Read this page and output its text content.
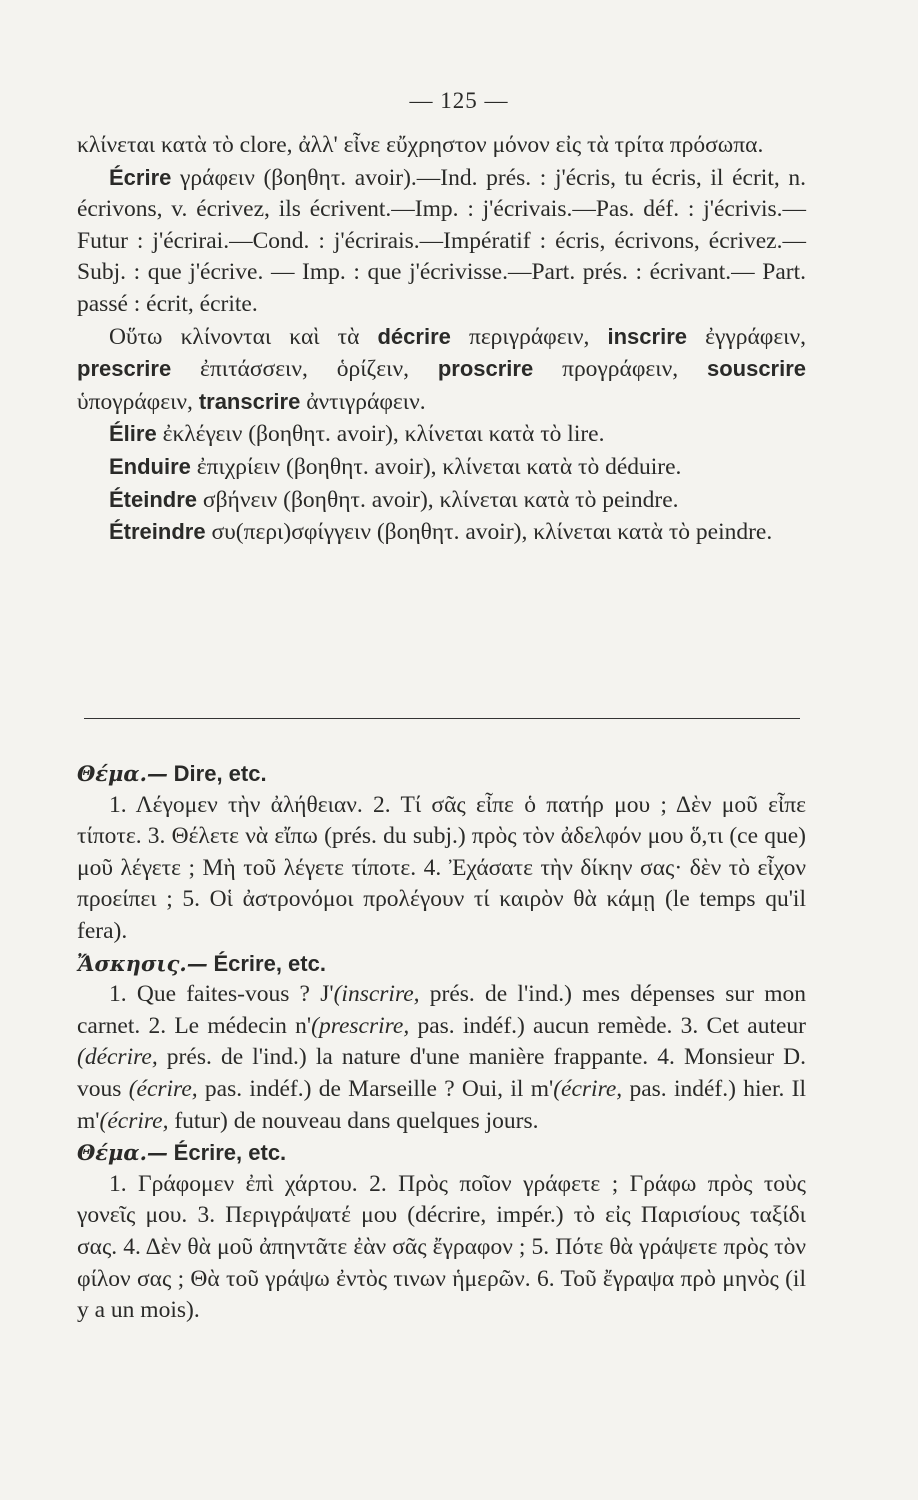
— 125 —

κλίνεται κατὰ τὸ clore, ἀλλ' εἶνε εὔχρηστον μόνον εἰς τὰ τρίτα πρόσωπα.

Écrire γράφειν (βοηθητ. avoir).—Ind. prés. : j'écris, tu écris, il écrit, n. écrivons, v. écrivez, ils écrivent.—Imp. : j'écrivais.—Pas. déf. : j'écrivis.—Futur : j'écrirai.—Cond. : j'écrirais.—Impératif : écris, écrivons, écrivez.—Subj. : que j'écrive. — Imp. : que j'écrivisse.—Part. prés. : écrivant.— Part. passé : écrit, écrite.

Οὕτω κλίνονται καὶ τὰ décrire περιγράφειν, inscrire ἐγγράφειν, prescrire ἐπιτάσσειν, ὁρίζειν, proscrire προγράφειν, souscrire ὑπογράφειν, transcrire ἀντιγράφειν.

Élire ἐκλέγειν (βοηθητ. avoir), κλίνεται κατὰ τὸ lire.

Enduire ἐπιχρίειν (βοηθητ. avoir), κλίνεται κατὰ τὸ déduire.

Éteindre σβήνειν (βοηθητ. avoir), κλίνεται κατὰ τὸ peindre.

Étreindre συ(περι)σφίγγειν (βοηθητ. avoir), κλίνεται κατὰ τὸ peindre.

Θέμα.— Dire, etc.

1. Λέγομεν τὴν ἀλήθειαν. 2. Τί σᾶς εἶπε ὁ πατήρ μου ; Δὲν μοῦ εἶπε τίποτε. 3. Θέλετε νὰ εἴπω (prés. du subj.) πρὸς τὸν ἀδελφόν μου ὅ,τι (ce que) μοῦ λέγετε ; Μὴ τοῦ λέγετε τίποτε. 4. Ἐχάσατε τὴν δίκην σας· δὲν τὸ εἶχον προείπει ; 5. Οἱ ἀστρονόμοι προλέγουν τί καιρὸν θὰ κάμῃ (le temps qu'il fera).

Ἄσκησις.— Écrire, etc.

1. Que faites-vous ? J'(inscrire, prés. de l'ind.) mes dépenses sur mon carnet. 2. Le médecin n'(prescrire, pas. indéf.) aucun remède. 3. Cet auteur (décrire, prés. de l'ind.) la nature d'une manière frappante. 4. Monsieur D. vous (écrire, pas. indéf.) de Marseille ? Oui, il m'(écrire, pas. indéf.) hier. Il m'(écrire, futur) de nouveau dans quelques jours.

Θέμα.— Écrire, etc.

1. Γράφομεν ἐπὶ χάρτου. 2. Πρὸς ποῖον γράφετε ; Γράφω πρὸς τοὺς γονεῖς μου. 3. Περιγράψατέ μου (décrire, impér.) τὸ εἰς Παρισίους ταξίδι σας. 4. Δὲν θὰ μοῦ ἀπηντᾶτε ἐὰν σᾶς ἔγραφον ; 5. Πότε θὰ γράψετε πρὸς τὸν φίλον σας ; Θὰ τοῦ γράψω ἐντὸς τινων ἡμερῶν. 6. Τοῦ ἔγραψα πρὸ μηνὸς (il y a un mois).
